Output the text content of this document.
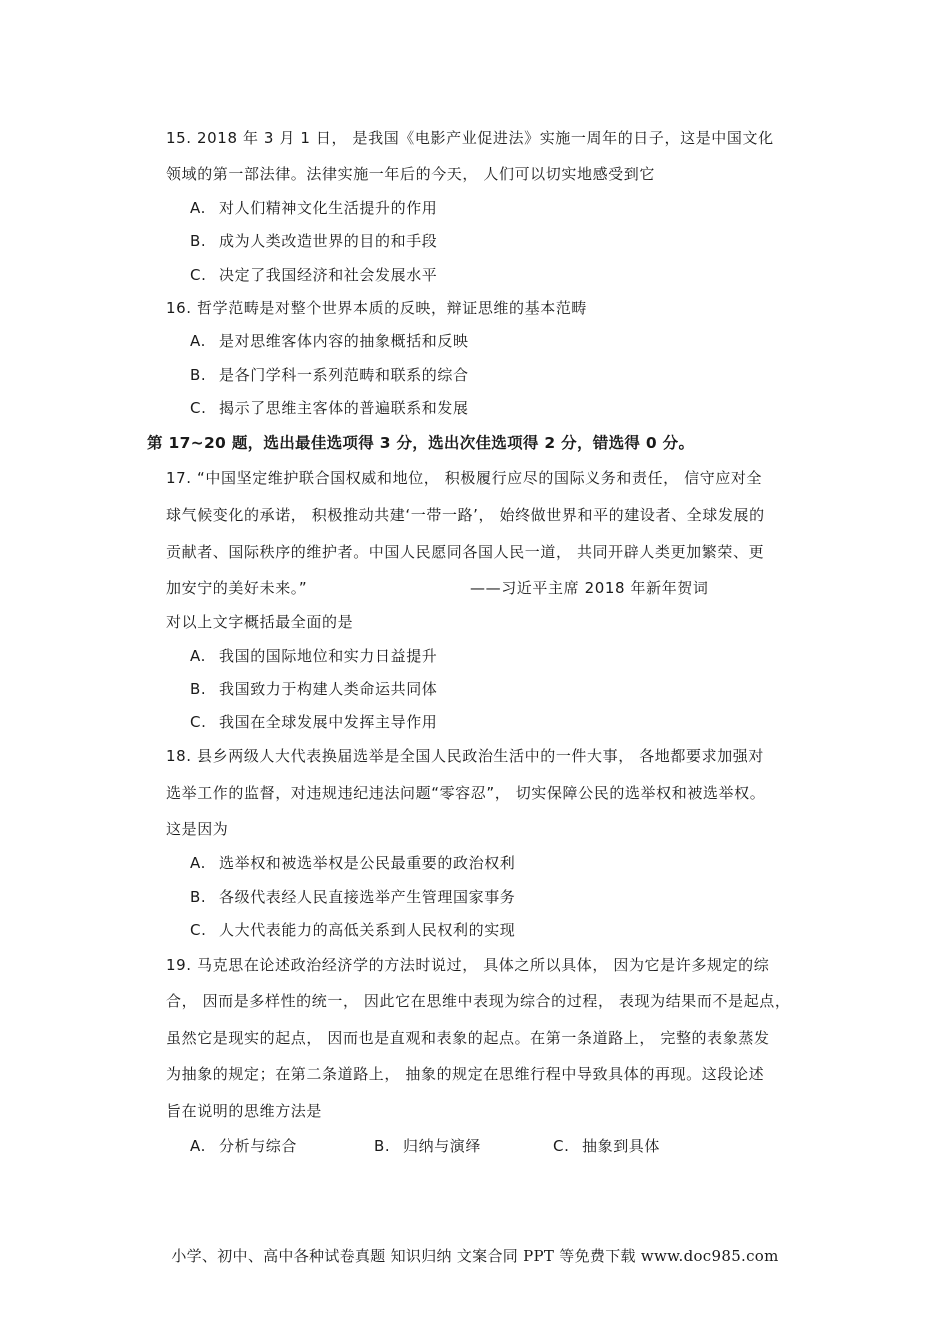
15. 2018 年 3 月 1 日， 是我国《电影产业促进法》实施一周年的日子，这是中国文化
领域的第一部法律。法律实施一年后的今天， 人们可以切实地感受到它
A. 对人们精神文化生活提升的作用
B. 成为人类改造世界的目的和手段
C. 决定了我国经济和社会发展水平
16. 哲学范畴是对整个世界本质的反映，辩证思维的基本范畴
A. 是对思维客体内容的抽象概括和反映
B. 是各门学科一系列范畴和联系的综合
C. 揭示了思维主客体的普遍联系和发展
第 17~20 题，选出最佳选项得 3 分，选出次佳选项得 2 分，错选得 0 分。
17. “中国坚定维护联合国权威和地位， 积极履行应尽的国际义务和责任， 信守应对全
球气候变化的承诺， 积极推动共建‘一带一路’， 始终做世界和平的建设者、全球发展的
贡献者、国际秩序的维护者。中国人民愿同各国人民一道， 共同开辟人类更加繁荣、更
加安宁的美好未来。”	——习近平主席 2018 年新年贺词
对以上文字概括最全面的是
A. 我国的国际地位和实力日益提升
B. 我国致力于构建人类命运共同体
C. 我国在全球发展中发挥主导作用
18. 县乡两级人大代表换届选举是全国人民政治生活中的一件大事， 各地都要求加强对
选举工作的监督，对违规违纪违法问题“零容忍”， 切实保障公民的选举权和被选举权。
这是因为
A. 选举权和被选举权是公民最重要的政治权利
B. 各级代表经人民直接选举产生管理国家事务
C. 人大代表能力的高低关系到人民权利的实现
19. 马克思在论述政治经济学的方法时说过， 具体之所以具体， 因为它是许多规定的综
合， 因而是多样性的统一， 因此它在思维中表现为综合的过程， 表现为结果而不是起点，
虽然它是现实的起点， 因而也是直观和表象的起点。在第一条道路上， 完整的表象蒸发
为抽象的规定；在第二条道路上， 抽象的规定在思维行程中导致具体的再现。这段论述
旨在说明的思维方法是
A. 分析与综合	B. 归纳与演绎	C. 抽象到具体
小学、初中、高中各种试卷真题 知识归纳 文案合同 PPT 等免费下载 www.doc985.com
